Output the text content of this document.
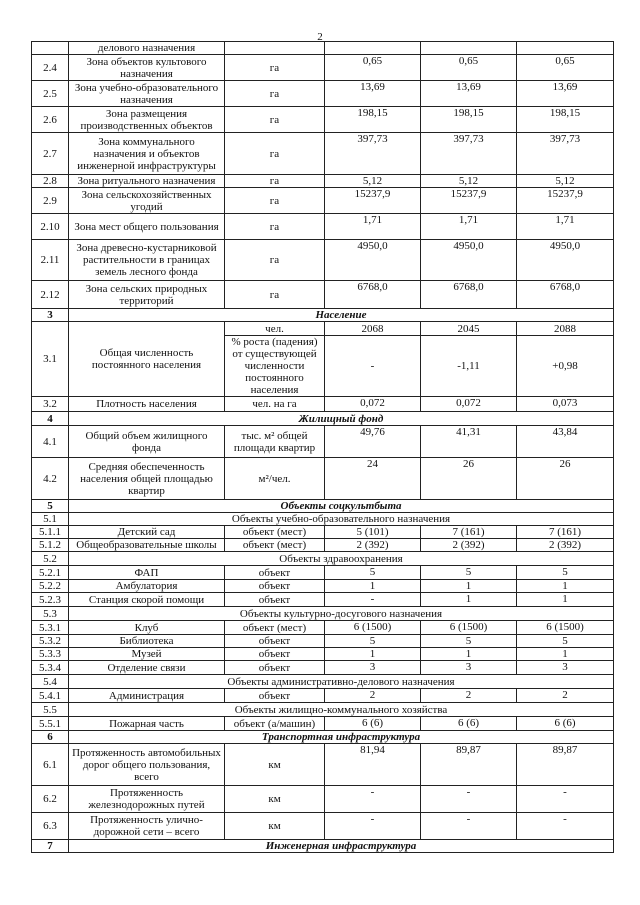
2
	делового назначения				
2.4	Зона объектов культового назначения	га	0,65	0,65	0,65
2.5	Зона учебно-образовательного назначения	га	13,69	13,69	13,69
2.6	Зона размещения производственных объектов	га	198,15	198,15	198,15
2.7	Зона коммунального назначения и объектов инженерной инфраструктуры	га	397,73	397,73	397,73
2.8	Зона ритуального назначения	га	5,12	5,12	5,12
2.9	Зона сельскохозяйственных угодий	га	15237,9	15237,9	15237,9
2.10	Зона мест общего пользования	га	1,71	1,71	1,71
2.11	Зона древесно-кустарниковой растительности в границах земель лесного фонда	га	4950,0	4950,0	4950,0
2.12	Зона сельских природных территорий	га	6768,0	6768,0	6768,0
3	Население				
3.1	Общая численность постоянного населения	чел.	2068	2045	2088
		% роста (падения) от существующей численности постоянного населения	-	-1,11	+0,98
3.2	Плотность населения	чел. на га	0,072	0,072	0,073
4	Жилищный фонд				
4.1	Общий объем жилищного фонда	тыс. м² общей площади квартир	49,76	41,31	43,84
4.2	Средняя обеспеченность населения общей площадью квартир	м²/чел.	24	26	26
5	Объекты соцкультбыта				
5.1	Объекты учебно-образовательного назначения				
5.1.1	Детский сад	объект (мест)	5 (101)	7 (161)	7 (161)
5.1.2	Общеобразовательные школы	объект (мест)	2 (392)	2 (392)	2 (392)
5.2	Объекты здравоохранения				
5.2.1	ФАП	объект	5	5	5
5.2.2	Амбулатория	объект	1	1	1
5.2.3	Станция скорой помощи	объект	-	1	1
5.3	Объекты культурно-досугового назначения				
5.3.1	Клуб	объект (мест)	6 (1500)	6 (1500)	6 (1500)
5.3.2	Библиотека	объект	5	5	5
5.3.3	Музей	объект	1	1	1
5.3.4	Отделение связи	объект	3	3	3
5.4	Объекты административно-делового назначения				
5.4.1	Администрация	объект	2	2	2
5.5	Объекты жилищно-коммунального хозяйства				
5.5.1	Пожарная часть	объект (а/машин)	6 (6)	6 (6)	6 (6)
6	Транспортная инфраструктура				
6.1	Протяженность автомобильных дорог общего пользования, всего	км	81,94	89,87	89,87
6.2	Протяженность железнодорожных путей	км	-	-	-
6.3	Протяженность улично-дорожной сети – всего	км	-	-	-
7	Инженерная инфраструктура				
